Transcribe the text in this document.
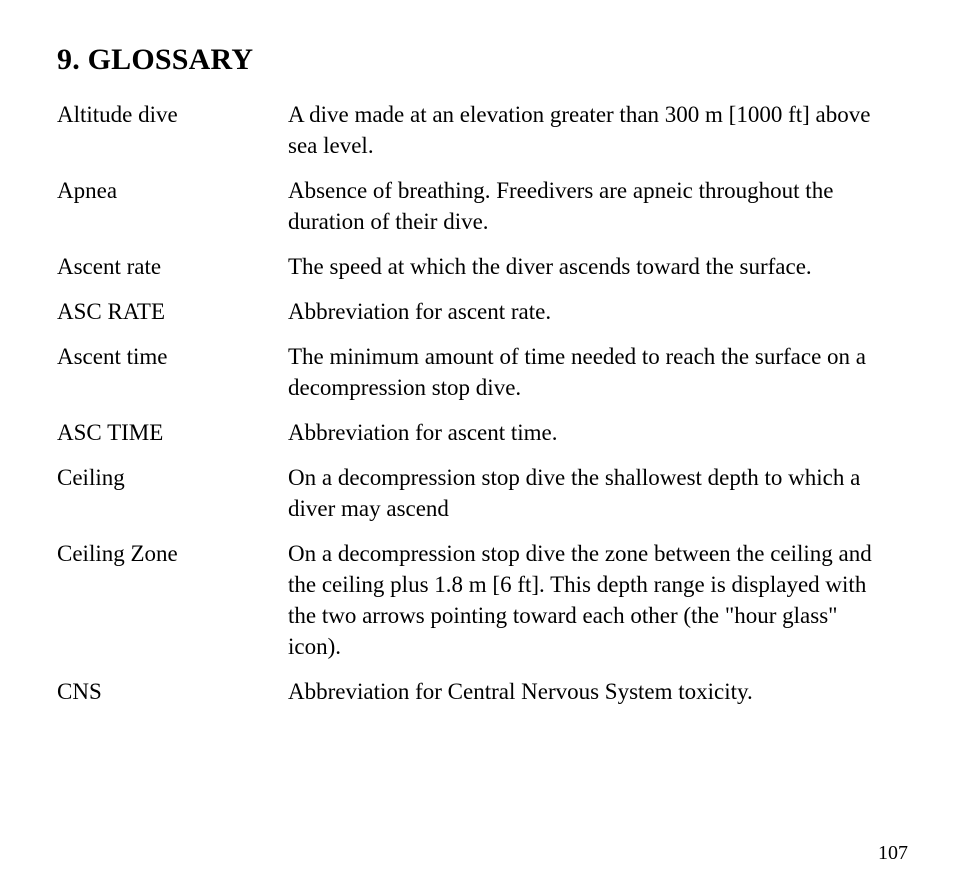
9. GLOSSARY
Altitude dive	A dive made at an elevation greater than 300 m [1000 ft] above sea level.
Apnea	Absence of breathing. Freedivers are apneic throughout the duration of their dive.
Ascent rate	The speed at which the diver ascends toward the surface.
ASC RATE	Abbreviation for ascent rate.
Ascent time	The minimum amount of time needed to reach the surface on a decompression stop dive.
ASC TIME	Abbreviation for ascent time.
Ceiling	On a decompression stop dive the shallowest depth to which a diver may ascend
Ceiling Zone	On a decompression stop dive the zone between the ceiling and the ceiling plus 1.8 m [6 ft]. This depth range is displayed with the two arrows pointing toward each other (the "hour glass" icon).
CNS	Abbreviation for Central Nervous System toxicity.
107
